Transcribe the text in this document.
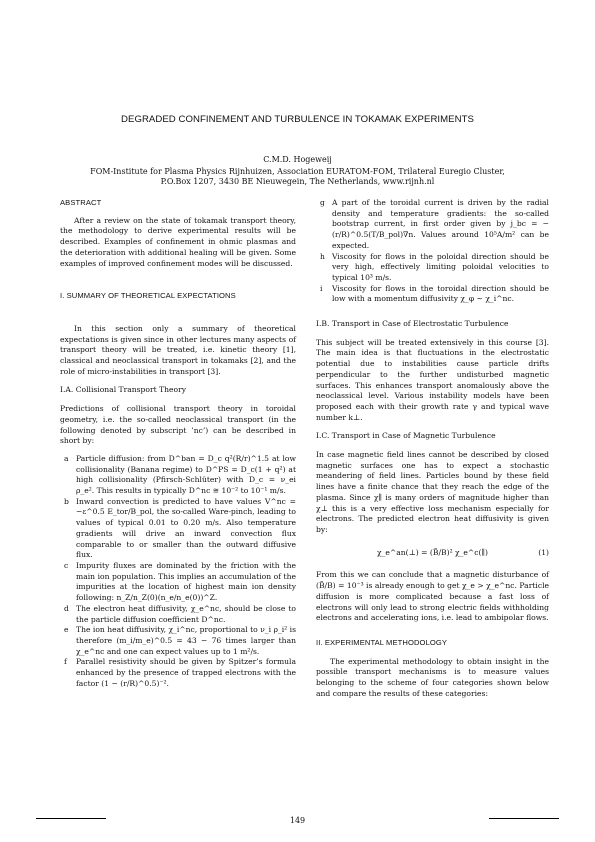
DEGRADED CONFINEMENT AND TURBULENCE IN TOKAMAK EXPERIMENTS
C.M.D. Hogeweij
FOM-Institute for Plasma Physics Rijnhuizen, Association EURATOM-FOM, Trilateral Euregio Cluster,
P.O.Box 1207, 3430 BE Nieuwegein, The Netherlands, www.rijnh.nl

ABSTRACT

After a review on the state of tokamak transport theory, the methodology to derive experimental results will be described. Examples of confinement in ohmic plasmas and the deterioration with additional healing will be given. Some examples of improved confinement modes will be discussed.

I. SUMMARY OF THEORETICAL EXPECTATIONS

In this section only a summary of theoretical expectations is given since in other lectures many aspects of transport theory will be treated, i.e. kinetic theory [1], classical and neoclassical transport in tokamaks [2], and the role of micro-instabilities in transport [3].

I.A. Collisional Transport Theory

Predictions of collisional transport theory in toroidal geometry, i.e. the so-called neoclassical transport (in the following denoted by subscript ’nc’) can be described in short by:

a Particle diffusion: from D^ban = D_c q²(R/r)^1.5 at low collisionality (Banana regime) to D^PS = D_c(1 + q²) at high collisionality (Pfirsch-Schlüter) with D_c = ν_ei ρ_e². This results in typically D^nc ≅ 10⁻² to 10⁻¹ m/s.
b Inward convection is predicted to have values V^nc = −ε^0.5 E_tor/B_pol, the so-called Ware-pinch, leading to values of typical 0.01 to 0.20 m/s. Also temperature gradients will drive an inward convection flux comparable to or smaller than the outward diffusive flux.
c Impurity fluxes are dominated by the friction with the main ion population. This implies an accumulation of the impurities at the location of highest main ion density following: n_Z/n_Z(0)(n_e/n_e(0))^Z.
d The electron heat diffusivity, χ_e^nc, should be close to the particle diffusion coefficient D^nc.
e The ion heat diffusivity, χ_i^nc, proportional to ν_i ρ_i² is therefore (m_i/m_e)^0.5 = 43 − 76 times larger than χ_e^nc and one can expect values up to 1 m²/s.
f Parallel resistivity should be given by Spitzer’s formula enhanced by the presence of trapped electrons with the factor (1 − (r/R)^0.5)⁻².
g A part of the toroidal current is driven by the radial density and temperature gradients: the so-called bootstrap current, in first order given by j_bc = −(r/R)^0.5(T/B_pol)∇n. Values around 10⁵A/m² can be expected.
h Viscosity for flows in the poloidal direction should be very high, effectively limiting poloidal velocities to typical 10³ m/s.
i Viscosity for flows in the toroidal direction should be low with a momentum diffusivity χ_φ ∼ χ_i^nc.

I.B. Transport in Case of Electrostatic Turbulence

This subject will be treated extensively in this course [3]. The main idea is that fluctuations in the electrostatic potential due to instabilities cause particle drifts perpendicular to the further undisturbed magnetic surfaces. This enhances transport anomalously above the neoclassical level. Various instability models have been proposed each with their growth rate γ and typical wave number k⊥.

I.C. Transport in Case of Magnetic Turbulence

In case magnetic field lines cannot be described by closed magnetic surfaces one has to expect a stochastic meandering of field lines. Particles bound by these field lines have a finite chance that they reach the edge of the plasma. Since χ∥ is many orders of magnitude higher than χ⊥ this is a very effective loss mechanism especially for electrons. The predicted electron heat diffusivity is given by:

χ_e^an(⊥) = (B̃/B)² χ_e^c(∥)	(1)

From this we can conclude that a magnetic disturbance of (B̃/B) = 10⁻³ is already enough to get χ_e > χ_e^nc. Particle diffusion is more complicated because a fast loss of electrons will only lead to strong electric fields withholding electrons and accelerating ions, i.e. lead to ambipolar flows.

II. EXPERIMENTAL METHODOLOGY

The experimental methodology to obtain insight in the possible transport mechanisms is to measure values belonging to the scheme of four categories shown below and compare the results of these categories:

149
